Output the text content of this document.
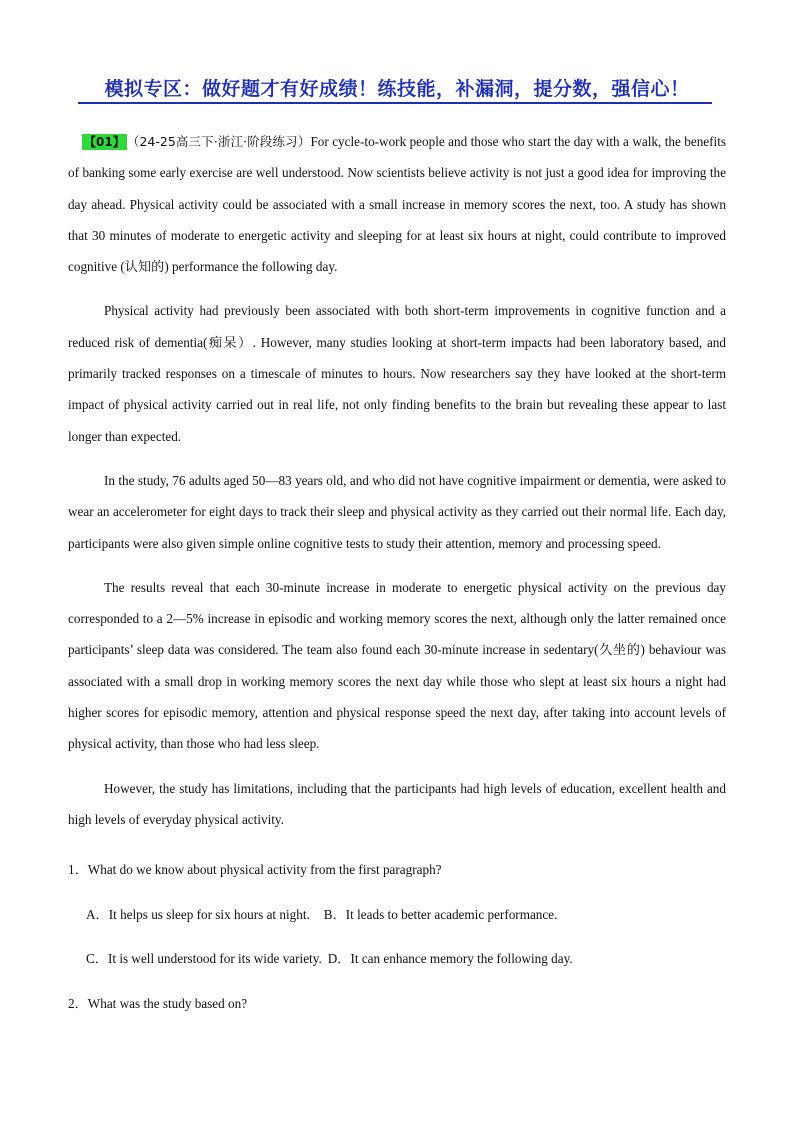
模拟专区：做好题才有好成绩！练技能，补漏洞，提分数，强信心！

【01】 （24-25高三下·浙江·阶段练习）For cycle-to-work people and those who start the day with a walk, the benefits of banking some early exercise are well understood. Now scientists believe activity is not just a good idea for improving the day ahead. Physical activity could be associated with a small increase in memory scores the next, too. A study has shown that 30 minutes of moderate to energetic activity and sleeping for at least six hours at night, could contribute to improved cognitive (认知的) performance the following day.

Physical activity had previously been associated with both short-term improvements in cognitive function and a reduced risk of dementia(痴呆）. However, many studies looking at short-term impacts had been laboratory based, and primarily tracked responses on a timescale of minutes to hours. Now researchers say they have looked at the short-term impact of physical activity carried out in real life, not only finding benefits to the brain but revealing these appear to last longer than expected.

In the study, 76 adults aged 50—83 years old, and who did not have cognitive impairment or dementia, were asked to wear an accelerometer for eight days to track their sleep and physical activity as they carried out their normal life. Each day, participants were also given simple online cognitive tests to study their attention, memory and processing speed.

The results reveal that each 30-minute increase in moderate to energetic physical activity on the previous day corresponded to a 2—5% increase in episodic and working memory scores the next, although only the latter remained once participants’ sleep data was considered. The team also found each 30-minute increase in sedentary(久坐的) behaviour was associated with a small drop in working memory scores the next day while those who slept at least six hours a night had higher scores for episodic memory, attention and physical response speed the next day, after taking into account levels of physical activity, than those who had less sleep.

However, the study has limitations, including that the participants had high levels of education, excellent health and high levels of everyday physical activity.

1．What do we know about physical activity from the first paragraph?

A．It helps us sleep for six hours at night. B．It leads to better academic performance.
C．It is well understood for its wide variety. D．It can enhance memory the following day.

2．What was the study based on?
